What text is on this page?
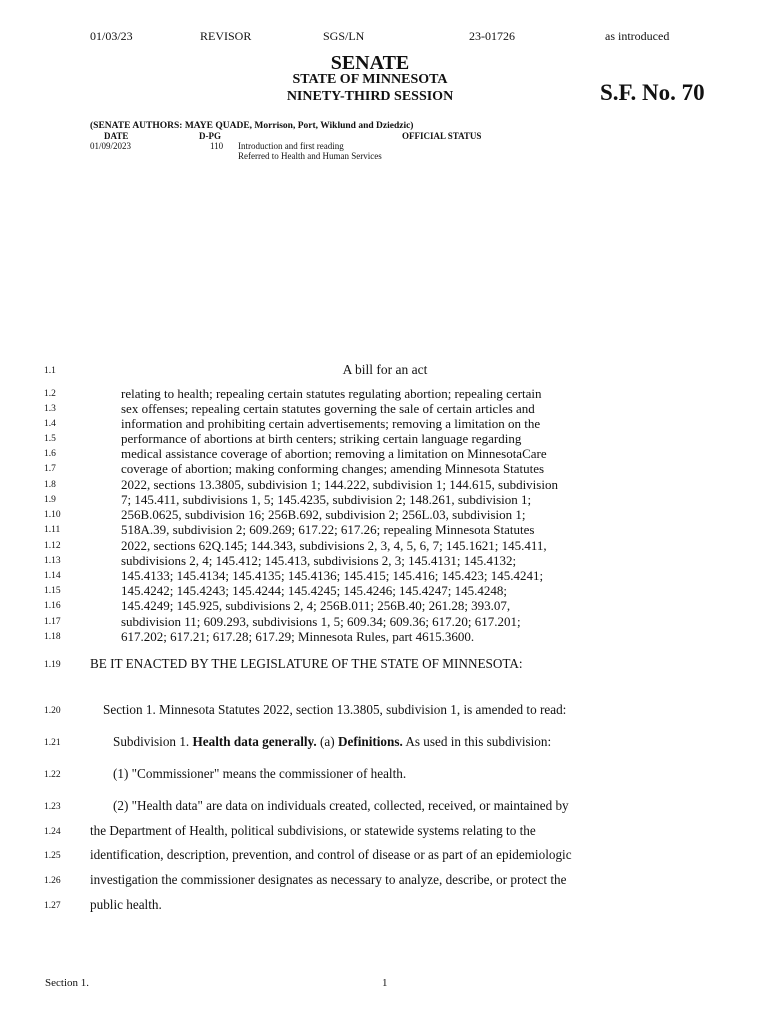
01/03/23	REVISOR	SGS/LN	23-01726	as introduced
SENATE
STATE OF MINNESOTA
NINETY-THIRD SESSION	S.F. No. 70
(SENATE AUTHORS: MAYE QUADE, Morrison, Port, Wiklund and Dziedzic)
DATE	D-PG	OFFICIAL STATUS
01/09/2023	110 Introduction and first reading
Referred to Health and Human Services
1.1	A bill for an act
1.2	relating to health; repealing certain statutes regulating abortion; repealing certain
1.3	sex offenses; repealing certain statutes governing the sale of certain articles and
1.4	information and prohibiting certain advertisements; removing a limitation on the
1.5	performance of abortions at birth centers; striking certain language regarding
1.6	medical assistance coverage of abortion; removing a limitation on MinnesotaCare
1.7	coverage of abortion; making conforming changes; amending Minnesota Statutes
1.8	2022, sections 13.3805, subdivision 1; 144.222, subdivision 1; 144.615, subdivision
1.9	7; 145.411, subdivisions 1, 5; 145.4235, subdivision 2; 148.261, subdivision 1;
1.10	256B.0625, subdivision 16; 256B.692, subdivision 2; 256L.03, subdivision 1;
1.11	518A.39, subdivision 2; 609.269; 617.22; 617.26; repealing Minnesota Statutes
1.12	2022, sections 62Q.145; 144.343, subdivisions 2, 3, 4, 5, 6, 7; 145.1621; 145.411,
1.13	subdivisions 2, 4; 145.412; 145.413, subdivisions 2, 3; 145.4131; 145.4132;
1.14	145.4133; 145.4134; 145.4135; 145.4136; 145.415; 145.416; 145.423; 145.4241;
1.15	145.4242; 145.4243; 145.4244; 145.4245; 145.4246; 145.4247; 145.4248;
1.16	145.4249; 145.925, subdivisions 2, 4; 256B.011; 256B.40; 261.28; 393.07,
1.17	subdivision 11; 609.293, subdivisions 1, 5; 609.34; 609.36; 617.20; 617.201;
1.18	617.202; 617.21; 617.28; 617.29; Minnesota Rules, part 4615.3600.
1.19 BE IT ENACTED BY THE LEGISLATURE OF THE STATE OF MINNESOTA:
1.20	Section 1. Minnesota Statutes 2022, section 13.3805, subdivision 1, is amended to read:
1.21	Subdivision 1. Health data generally. (a) Definitions. As used in this subdivision:
1.22	(1) "Commissioner" means the commissioner of health.
1.23	(2) "Health data" are data on individuals created, collected, received, or maintained by
1.24 the Department of Health, political subdivisions, or statewide systems relating to the
1.25 identification, description, prevention, and control of disease or as part of an epidemiologic
1.26 investigation the commissioner designates as necessary to analyze, describe, or protect the
1.27 public health.
Section 1.	1
